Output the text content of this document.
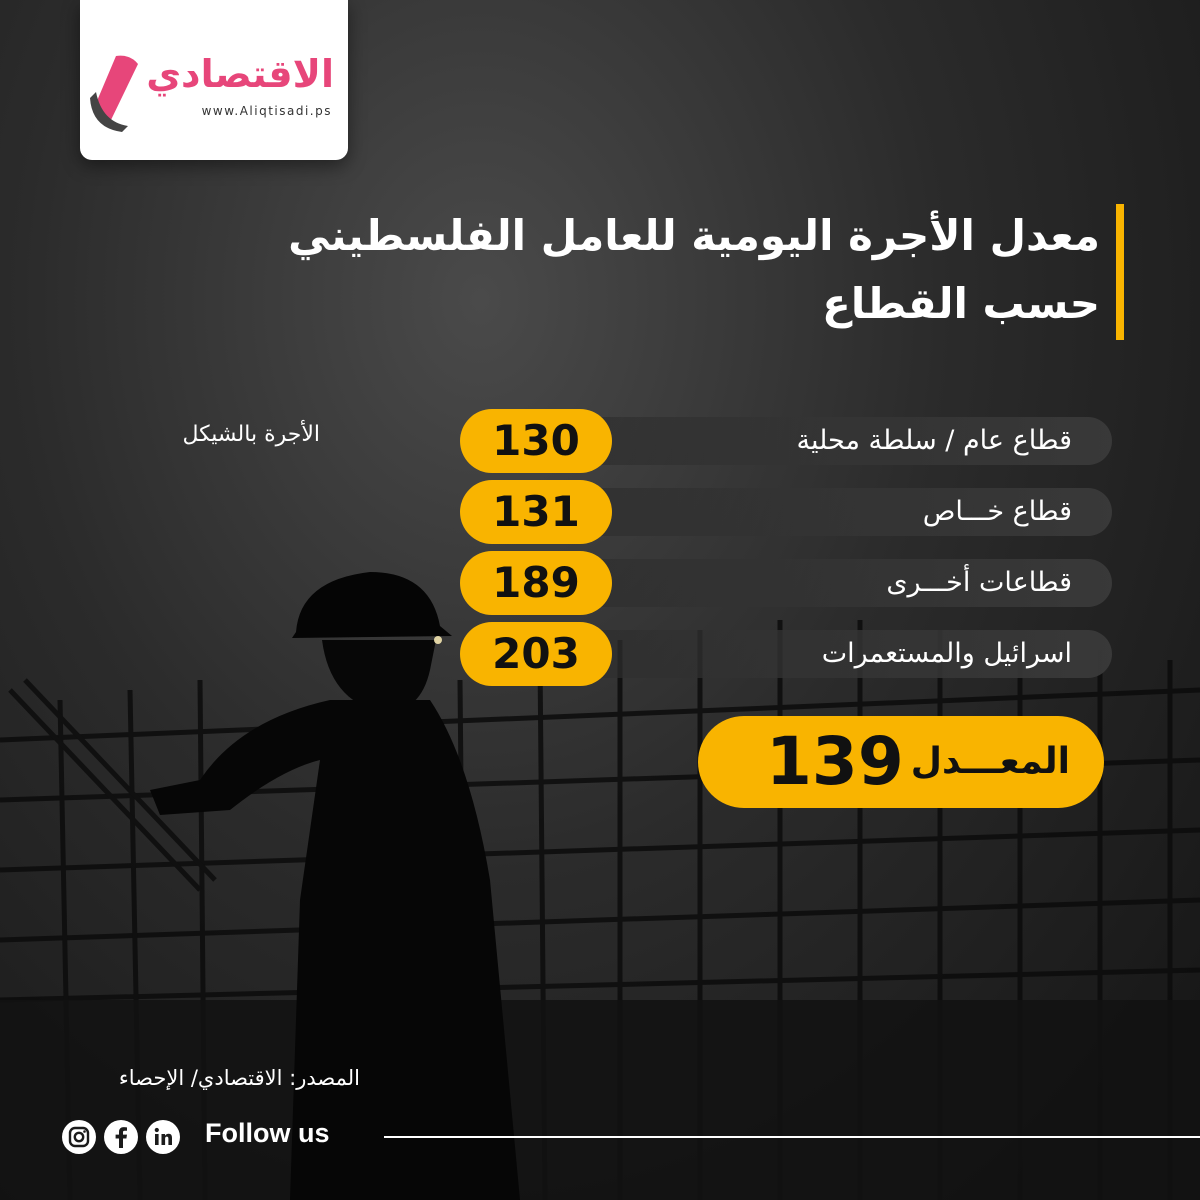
الاقتصادي
www.Aliqtisadi.ps
معدل الأجرة اليومية للعامل الفلسطيني
حسب القطاع
الأجرة بالشيكل	قطاع عام / سلطة محلية
130
قطاع خـــاص
131
قطاعات أخـــرى
189
اسرائيل والمستعمرات
203
المعـــدل
139
المصدر: الاقتصادي/ الإحصاء
Follow us
